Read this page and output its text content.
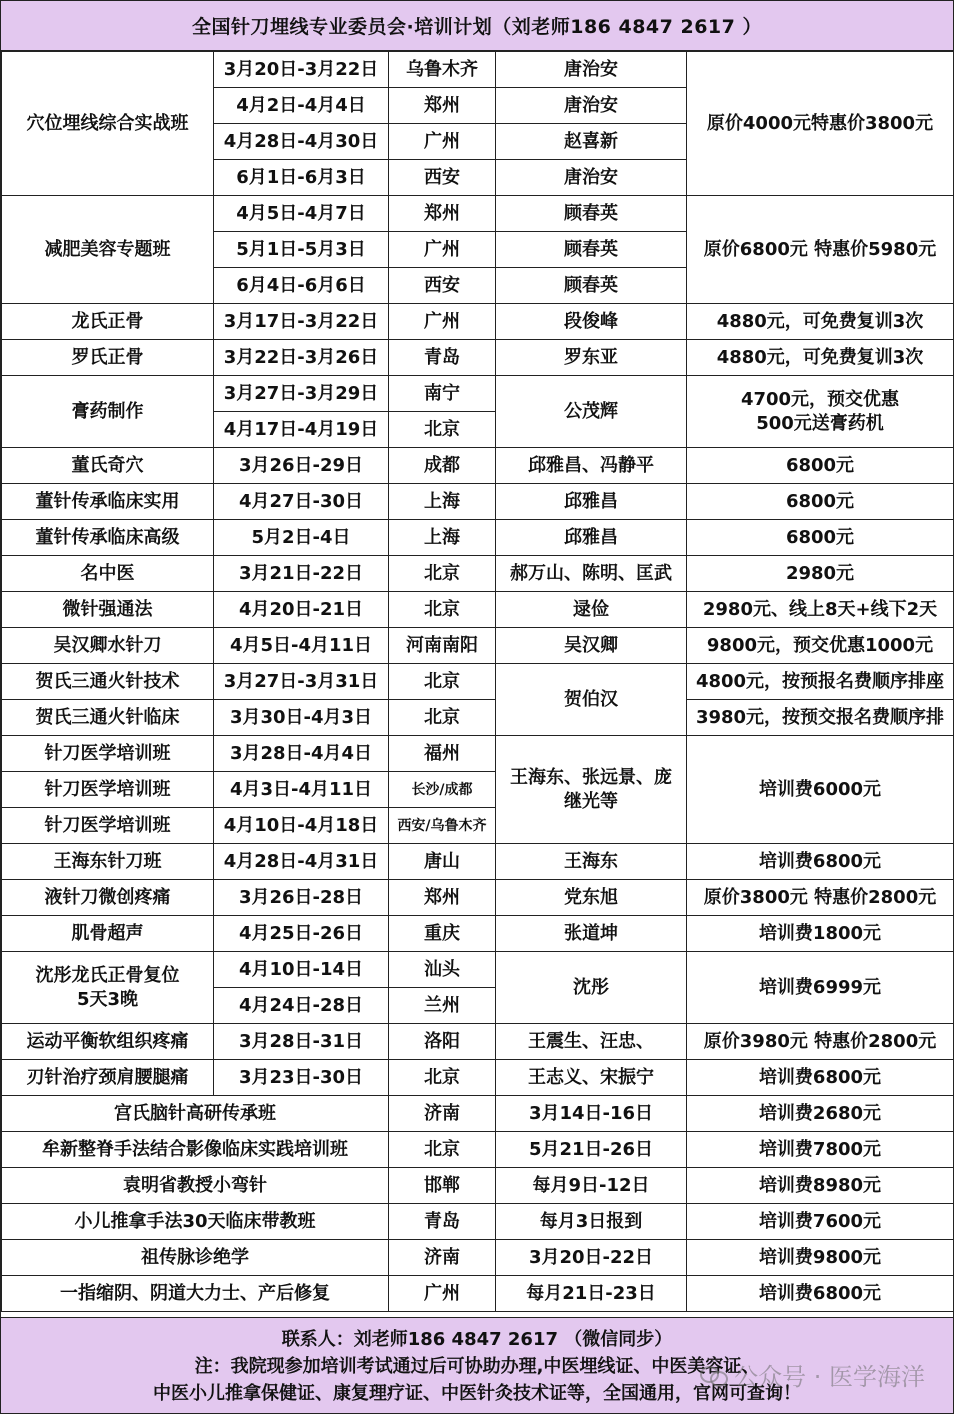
全国针刀埋线专业委员会·培训计划（刘老师186 4847 2617 ）
穴位埋线综合实战班	3月20日-3月22日	乌鲁木齐	唐治安	原价4000元特惠价3800元
	4月2日-4月4日	郑州	唐治安	
	4月28日-4月30日	广州	赵喜新	
	6月1日-6月3日	西安	唐治安	
减肥美容专题班	4月5日-4月7日	郑州	顾春英	原价6800元 特惠价5980元
	5月1日-5月3日	广州	顾春英	
	6月4日-6月6日	西安	顾春英	
龙氏正骨	3月17日-3月22日	广州	段俊峰	4880元，可免费复训3次
罗氏正骨	3月22日-3月26日	青岛	罗东亚	4880元，可免费复训3次
膏药制作	3月27日-3月29日	南宁	公茂辉	4700元，预交优惠
500元送膏药机

	4月17日-4月19日	北京		
董氏奇穴	3月26日-29日	成都	邱雅昌、冯静平	6800元
董针传承临床实用	4月27日-30日	上海	邱雅昌	6800元
董针传承临床高级	5月2日-4日	上海	邱雅昌	6800元
名中医	3月21日-22日	北京	郝万山、陈明、匡武	2980元
微针强通法	4月20日-21日	北京	逯俭	2980元、线上8天+线下2天
吴汉卿水针刀	4月5日-4月11日	河南南阳	吴汉卿	9800元，预交优惠1000元
贺氏三通火针技术	3月27日-3月31日	北京	贺伯汉	4800元，按预报名费顺序排座

贺氏三通火针临床	3月30日-4月3日	北京		3980元，按预交报名费顺序排

针刀医学培训班	3月28日-4月4日	福州	王海东、张远景、庞继光等	培训费6000元
针刀医学培训班	4月3日-4月11日	长沙/成都		
针刀医学培训班	4月10日-4月18日	西安/乌鲁木齐		
王海东针刀班	4月28日-4月31日	唐山	王海东	培训费6800元
液针刀微创疼痛	3月26日-28日	郑州	党东旭	原价3800元 特惠价2800元
肌骨超声	4月25日-26日	重庆	张道坤	培训费1800元

沈彤龙氏正骨复位
5天3晚	4月10日-14日	汕头	沈彤	培训费6999元
	4月24日-28日	兰州		
运动平衡软组织疼痛	3月28日-31日	洛阳	王震生、汪忠、	原价3980元 特惠价2800元
刃针治疗颈肩腰腿痛	3月23日-30日	北京	王志义、宋振宁	培训费6800元
宫氏脑针高研传承班		济南	3月14日-16日	培训费2680元
牟新整脊手法结合影像临床实践培训班		北京	5月21日-26日	培训费7800元
袁明省教授小弯针		邯郸	每月9日-12日	培训费8980元
小儿推拿手法30天临床带教班		青岛	每月3日报到	培训费7600元
祖传脉诊绝学		济南	3月20日-22日	培训费9800元
一指缩阴、阴道大力士、产后修复		广州	每月21日-23日	培训费6800元
联系人：刘老师186 4847 2617 （微信同步）
注：我院现参加培训考试通过后可协助办理,中医埋线证、中医美容证、
中医小儿推拿保健证、康复理疗证、中医针灸技术证等，全国通用，官网可查询！
公众号 · 医学海洋
